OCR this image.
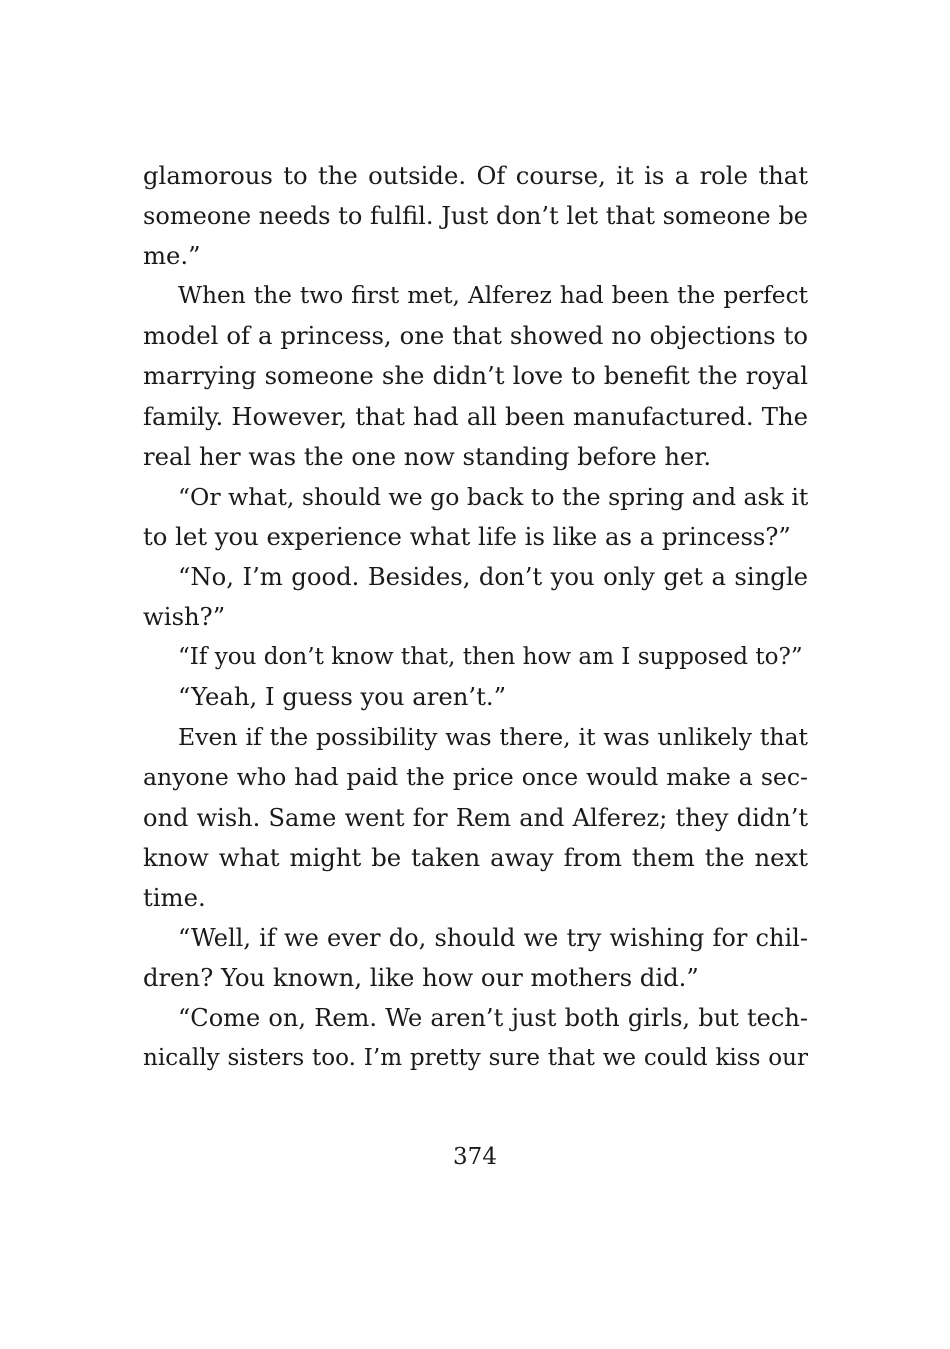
glamorous to the outside. Of course, it is a role that
someone needs to fulfil. Just don’t let that someone be
me.”
When the two first met, Alferez had been the perfect
model of a princess, one that showed no objections to
marrying someone she didn’t love to benefit the royal
family. However, that had all been manufactured. The
real her was the one now standing before her.
“Or what, should we go back to the spring and ask it
to let you experience what life is like as a princess?”
“No, I’m good. Besides, don’t you only get a single
wish?”
“If you don’t know that, then how am I supposed to?”
“Yeah, I guess you aren’t.”
Even if the possibility was there, it was unlikely that
anyone who had paid the price once would make a sec-
ond wish. Same went for Rem and Alferez; they didn’t
know what might be taken away from them the next
time.
“Well, if we ever do, should we try wishing for chil-
dren? You known, like how our mothers did.”
“Come on, Rem. We aren’t just both girls, but tech-
nically sisters too. I’m pretty sure that we could kiss our
374
